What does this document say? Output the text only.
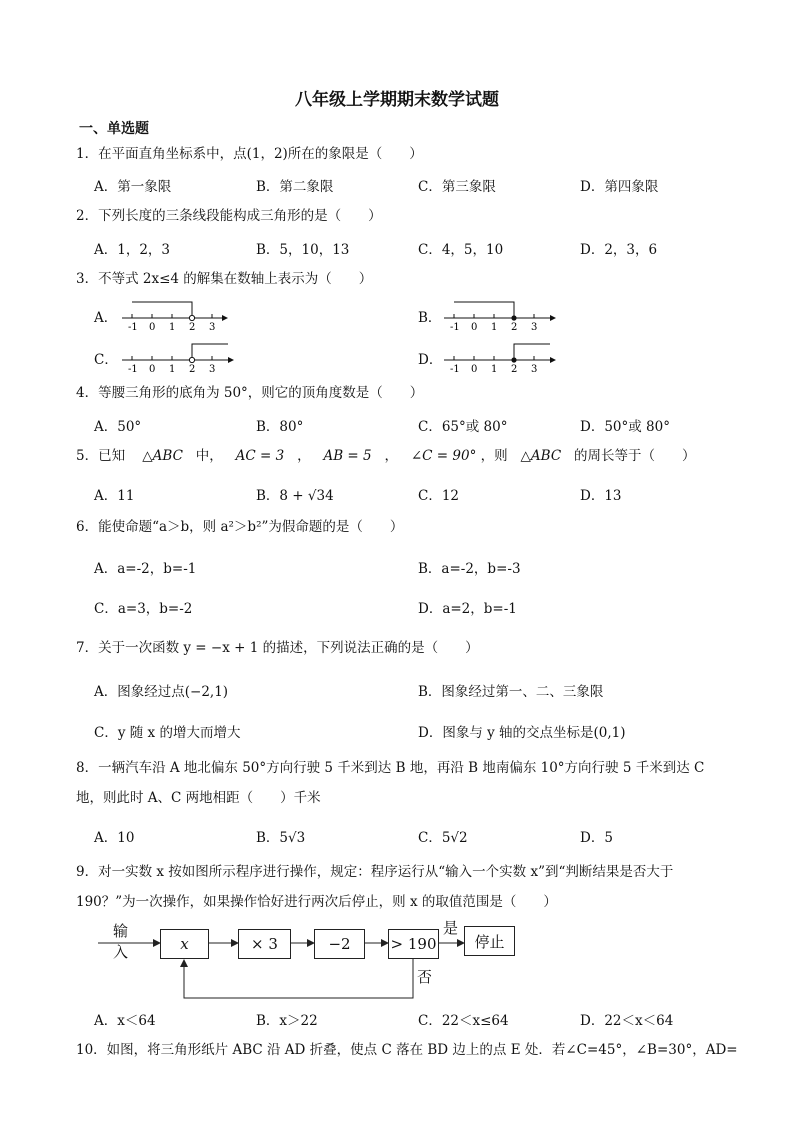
八年级上学期期末数学试题
一、单选题
1．在平面直角坐标系中，点(1，2)所在的象限是（　　）
A．第一象限	B．第二象限	C．第三象限	D．第四象限
2．下列长度的三条线段能构成三角形的是（　　）
A．1，2，3	B．5，10，13	C．4，5，10	D．2，3，6
3．不等式 2x≤4 的解集在数轴上表示为（　　）
A．
-1 0 1 2 3
B．
-1 0 1 2 3
C．
-1 0 1 2 3
D．
-1 0 1 2 3
4．等腰三角形的底角为 50°，则它的顶角度数是（　　）
A．50°	B．80°	C．65°或 80°	D．50°或 80°
5．已知 △ABC 中， AC = 3   ，   AB = 5   ，   ∠C = 90° ，则 △ABC 的周长等于（　　）
A．11	B．8 + √34	C．12	D．13
6．能使命题“a＞b，则 a²＞b²”为假命题的是（　　）
A．a=-2，b=-1	B．a=-2，b=-3
C．a=3，b=-2	D．a=2，b=-1
7．关于一次函数 y = −x + 1 的描述，下列说法正确的是（　　）
A．图象经过点(−2,1)	B．图象经过第一、二、三象限
C．y 随 x 的增大而增大	D．图象与 y 轴的交点坐标是(0,1)
8．一辆汽车沿 A 地北偏东 50°方向行驶 5 千米到达 B 地，再沿 B 地南偏东 10°方向行驶 5 千米到达 C
地，则此时 A、C 两地相距（　　）千米
A．10	B．5√3	C．5√2	D．5
9．对一实数 x 按如图所示程序进行操作，规定：程序运行从“输入一个实数 x”到“判断结果是否大于
190？”为一次操作，如果操作恰好进行两次后停止，则 x 的取值范围是（　　）
输入	x	× 3	−2	> 190
是
停止
否
A．x＜64	B．x＞22	C．22＜x≤64	D．22＜x＜64
10．如图，将三角形纸片 ABC 沿 AD 折叠，使点 C 落在 BD 边上的点 E 处．若∠C=45°，∠B=30°，AD=
